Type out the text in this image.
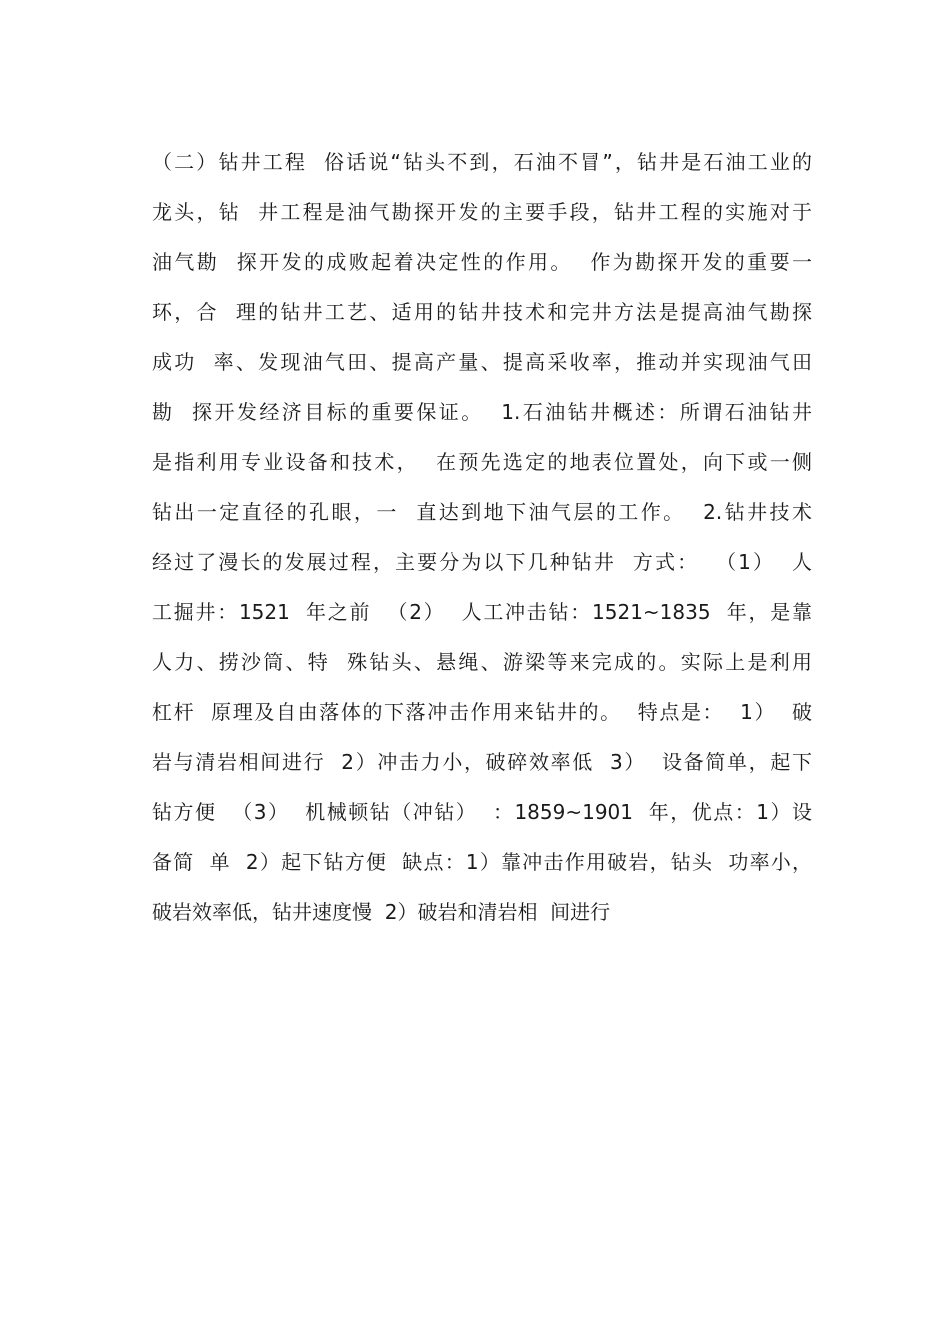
（二）钻井工程  俗话说“钻头不到，石油不冒”，钻井是石油工业的
龙头，钻  井工程是油气勘探开发的主要手段，钻井工程的实施对于
油气勘  探开发的成败起着决定性的作用。  作为勘探开发的重要一
环，合  理的钻井工艺、适用的钻井技术和完井方法是提高油气勘探
成功  率、发现油气田、提高产量、提高采收率，推动并实现油气田
勘  探开发经济目标的重要保证。  1.石油钻井概述：所谓石油钻井
是指利用专业设备和技术，  在预先选定的地表位置处，向下或一侧
钻出一定直径的孔眼，一  直达到地下油气层的工作。  2.钻井技术
经过了漫长的发展过程，主要分为以下几种钻井  方式：  （1）  人
工掘井：1521  年之前  （2）  人工冲击钻：1521~1835  年，是靠
人力、捞沙筒、特  殊钻头、悬绳、游梁等来完成的。实际上是利用
杠杆  原理及自由落体的下落冲击作用来钻井的。  特点是：  1）  破
岩与清岩相间进行  2）冲击力小，破碎效率低  3）  设备简单，起下
钻方便  （3）  机械顿钻（冲钻）  ：1859~1901  年，优点：1）设
备简  单  2）起下钻方便  缺点：1）靠冲击作用破岩，钻头  功率小，
破岩效率低，钻井速度慢  2）破岩和清岩相  间进行
